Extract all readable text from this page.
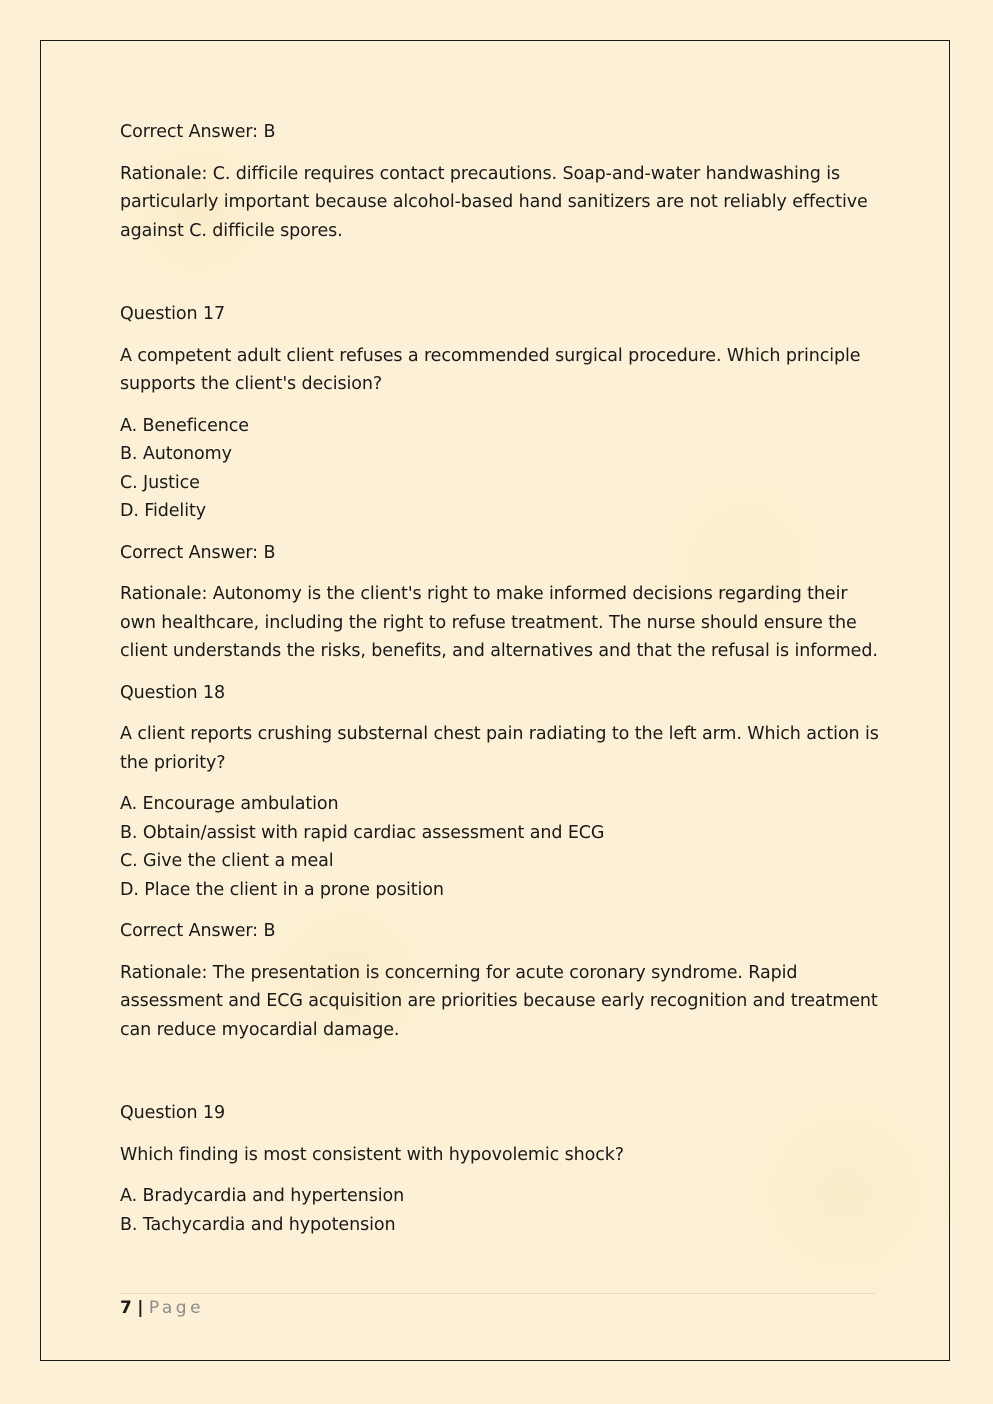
Correct Answer: B

Rationale: C. difficile requires contact precautions. Soap-and-water handwashing is particularly important because alcohol-based hand sanitizers are not reliably effective against C. difficile spores.

Question 17

A competent adult client refuses a recommended surgical procedure. Which principle supports the client's decision?

A. Beneficence
B. Autonomy
C. Justice
D. Fidelity

Correct Answer: B

Rationale: Autonomy is the client's right to make informed decisions regarding their own healthcare, including the right to refuse treatment. The nurse should ensure the client understands the risks, benefits, and alternatives and that the refusal is informed.

Question 18

A client reports crushing substernal chest pain radiating to the left arm. Which action is the priority?

A. Encourage ambulation
B. Obtain/assist with rapid cardiac assessment and ECG
C. Give the client a meal
D. Place the client in a prone position

Correct Answer: B

Rationale: The presentation is concerning for acute coronary syndrome. Rapid assessment and ECG acquisition are priorities because early recognition and treatment can reduce myocardial damage.

Question 19

Which finding is most consistent with hypovolemic shock?

A. Bradycardia and hypertension
B. Tachycardia and hypotension
7 | Page
